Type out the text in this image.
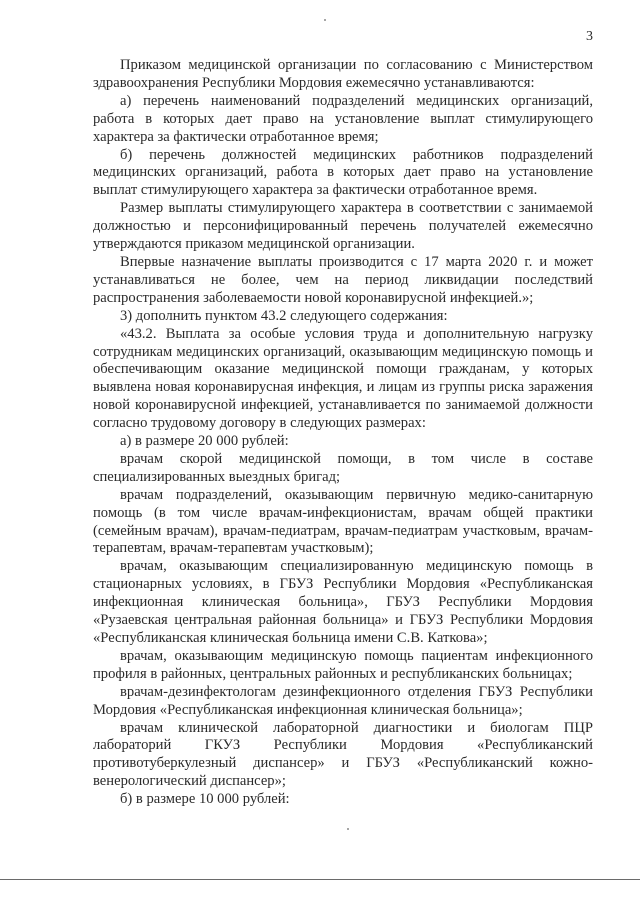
3

Приказом медицинской организации по согласованию с Министерством здравоохранения Республики Мордовия ежемесячно устанавливаются:

а) перечень наименований подразделений медицинских организаций, работа в которых дает право на установление выплат стимулирующего характера за фактически отработанное время;

б) перечень должностей медицинских работников подразделений медицинских организаций, работа в которых дает право на установление выплат стимулирующего характера за фактически отработанное время.

Размер выплаты стимулирующего характера в соответствии с занимаемой должностью и персонифицированный перечень получателей ежемесячно утверждаются приказом медицинской организации.

Впервые назначение выплаты производится с 17 марта 2020 г. и может устанавливаться не более, чем на период ликвидации последствий распространения заболеваемости новой коронавирусной инфекцией.»;

3) дополнить пунктом 43.2 следующего содержания:

«43.2. Выплата за особые условия труда и дополнительную нагрузку сотрудникам медицинских организаций, оказывающим медицинскую помощь и обеспечивающим оказание медицинской помощи гражданам, у которых выявлена новая коронавирусная инфекция, и лицам из группы риска заражения новой коронавирусной инфекцией, устанавливается по занимаемой должности согласно трудовому договору в следующих размерах:

а) в размере 20 000 рублей:

врачам скорой медицинской помощи, в том числе в составе специализированных выездных бригад;

врачам подразделений, оказывающим первичную медико-санитарную помощь (в том числе врачам-инфекционистам, врачам общей практики (семейным врачам), врачам-педиатрам, врачам-педиатрам участковым, врачам-терапевтам, врачам-терапевтам участковым);

врачам, оказывающим специализированную медицинскую помощь в стационарных условиях, в ГБУЗ Республики Мордовия «Республиканская инфекционная клиническая больница», ГБУЗ Республики Мордовия «Рузаевская центральная районная больница» и ГБУЗ Республики Мордовия «Республиканская клиническая больница имени С.В. Каткова»;

врачам, оказывающим медицинскую помощь пациентам инфекционного профиля в районных, центральных районных и республиканских больницах;

врачам-дезинфектологам дезинфекционного отделения ГБУЗ Республики Мордовия «Республиканская инфекционная клиническая больница»;

врачам клинической лабораторной диагностики и биологам ПЦР лабораторий ГКУЗ Республики Мордовия «Республиканский противотуберкулезный диспансер» и ГБУЗ «Республиканский кожно-венерологический диспансер»;

б) в размере 10 000 рублей:
